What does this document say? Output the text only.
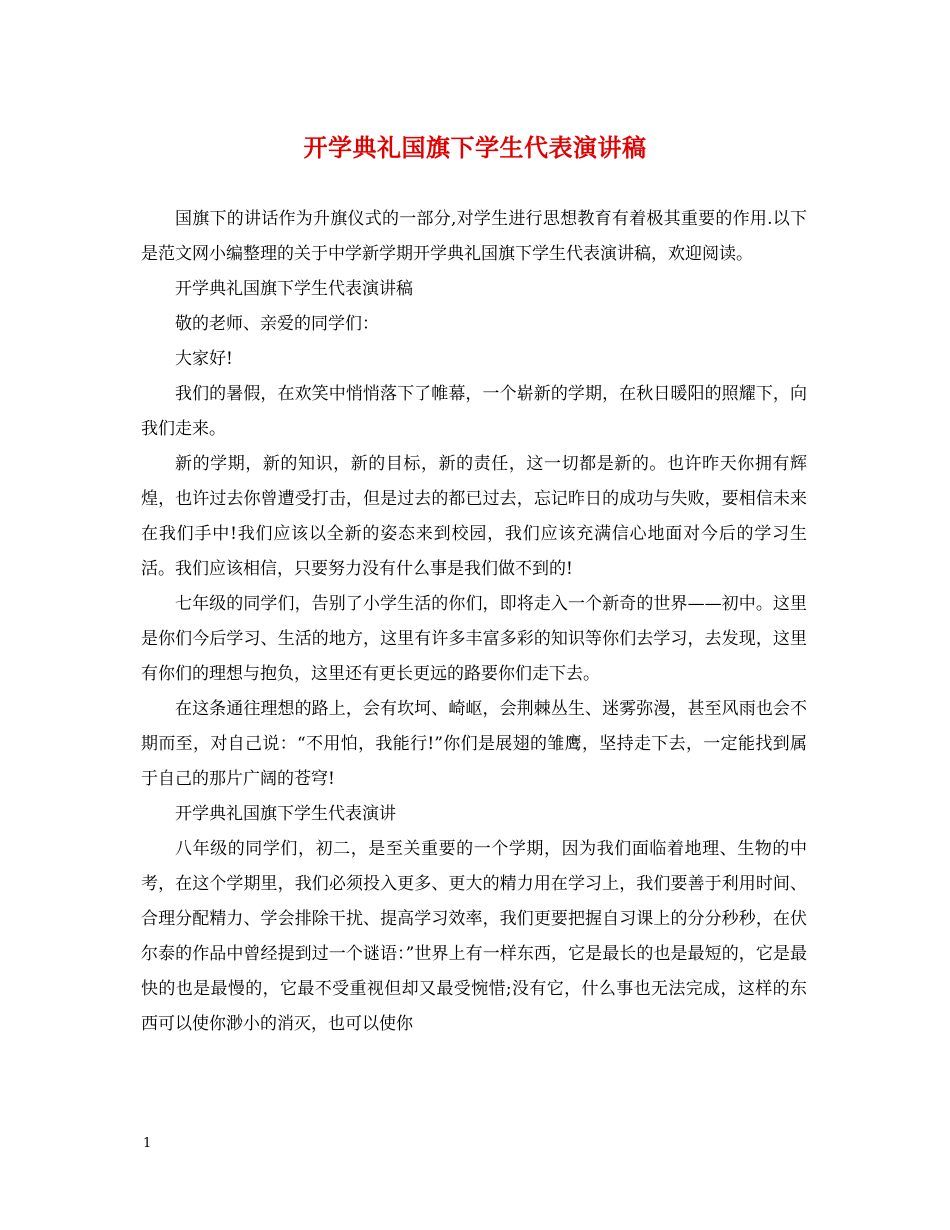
开学典礼国旗下学生代表演讲稿

国旗下的讲话作为升旗仪式的一部分,对学生进行思想教育有着极其重要的作用.以下是范文网小编整理的关于中学新学期开学典礼国旗下学生代表演讲稿，欢迎阅读。

开学典礼国旗下学生代表演讲稿

敬的老师、亲爱的同学们：

大家好!

我们的暑假，在欢笑中悄悄落下了帷幕，一个崭新的学期，在秋日暖阳的照耀下，向我们走来。

新的学期，新的知识，新的目标，新的责任，这一切都是新的。也许昨天你拥有辉煌，也许过去你曾遭受打击，但是过去的都已过去，忘记昨日的成功与失败，要相信未来在我们手中!我们应该以全新的姿态来到校园，我们应该充满信心地面对今后的学习生活。我们应该相信，只要努力没有什么事是我们做不到的!

七年级的同学们，告别了小学生活的你们，即将走入一个新奇的世界——初中。这里是你们今后学习、生活的地方，这里有许多丰富多彩的知识等你们去学习，去发现，这里有你们的理想与抱负，这里还有更长更远的路要你们走下去。

在这条通往理想的路上，会有坎坷、崎岖，会荆棘丛生、迷雾弥漫，甚至风雨也会不期而至，对自己说：“不用怕，我能行!”你们是展翅的雏鹰，坚持走下去，一定能找到属于自己的那片广阔的苍穹!

开学典礼国旗下学生代表演讲

八年级的同学们，初二，是至关重要的一个学期，因为我们面临着地理、生物的中考，在这个学期里，我们必须投入更多、更大的精力用在学习上，我们要善于利用时间、合理分配精力、学会排除干扰、提高学习效率，我们更要把握自习课上的分分秒秒，在伏尔泰的作品中曾经提到过一个谜语：”世界上有一样东西，它是最长的也是最短的，它是最快的也是最慢的，它最不受重视但却又最受惋惜;没有它，什么事也无法完成，这样的东西可以使你渺小的消灭，也可以使你

1
